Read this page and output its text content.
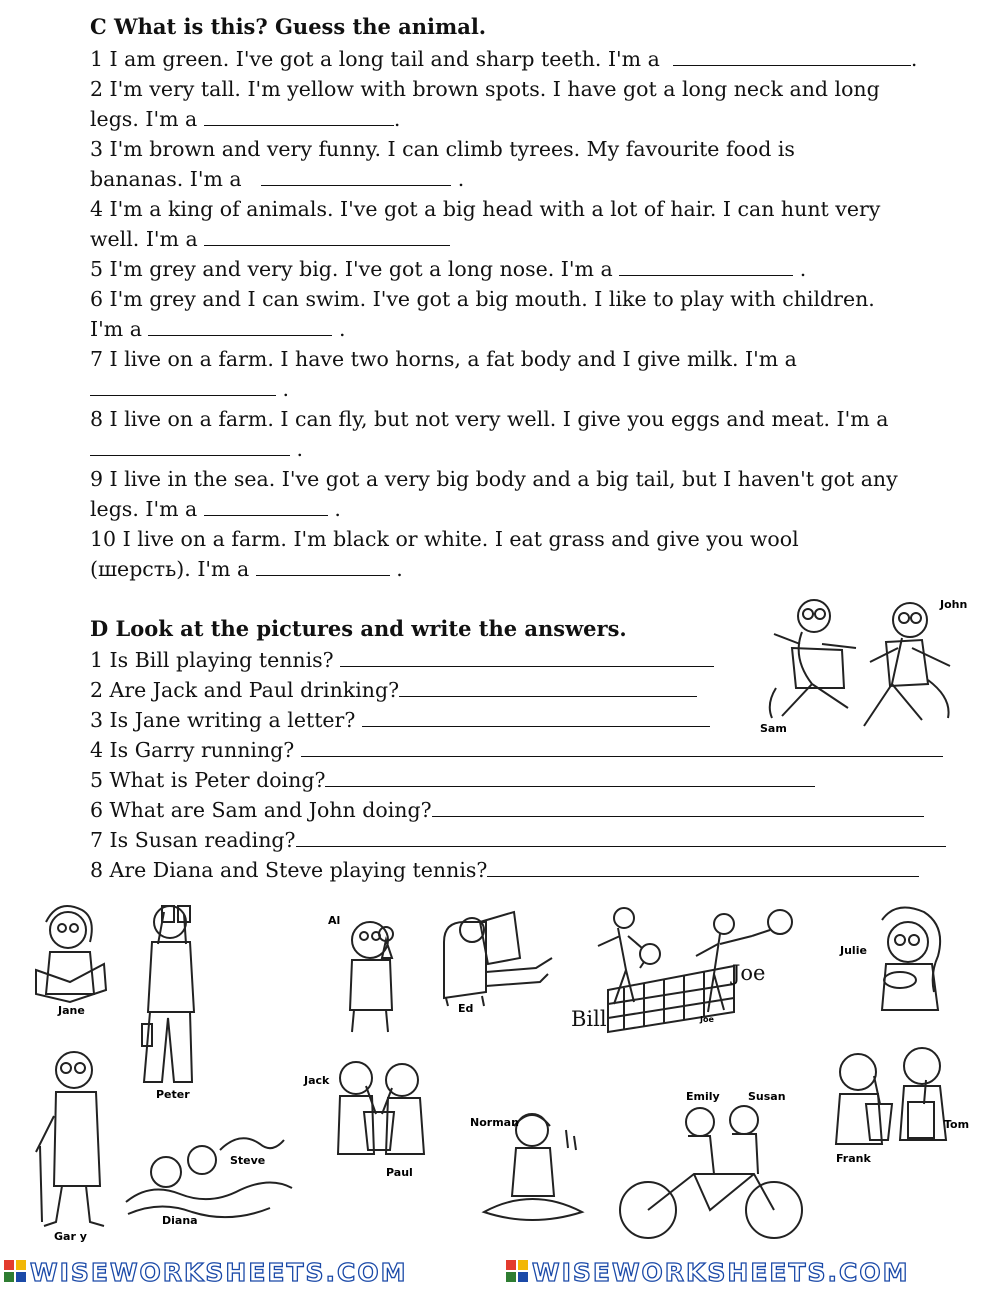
C What is this? Guess the animal.
1 I am green. I've got a long tail and sharp teeth. I'm a	.
2 I'm very tall. I'm yellow with brown spots. I have got a long neck and long
legs. I'm a	.
3 I'm brown and very funny. I can climb tyrees. My favourite food is
bananas. I'm a	.
4 I'm a king of animals. I've got a big head with a lot of hair. I can hunt very
well. I'm a
5 I'm grey and very big. I've got a long nose. I'm a	.
6 I'm grey and I can swim. I've got a big mouth. I like to play with children.
I'm a	.
7 I live on a farm. I have two horns, a fat body and I give milk. I'm a
.
8 I live on a farm. I can fly, but not very well. I give you eggs and meat. I'm a
.
9 I live in the sea. I've got a very big body and a big tail, but I haven't got any
legs. I'm a	.
10 I live on a farm. I'm black or white. I eat grass and give you wool
(шерсть). I'm a	.
D Look at the pictures and write the answers.
1 Is Bill playing tennis?
2 Are Jack and Paul drinking?
3 Is Jane writing a letter?
4 Is Garry running?
5 What is Peter doing?
6 What are Sam and John doing?
7 Is Susan reading?
8 Are Diana and Steve playing tennis?
John
Sam
Jane
Peter
Al
Ed
Joe
Joe
Bill
Julie
Gar y
Steve
Diana
Jack
Paul
Norman
Emily	Susan
Frank
Tom
WISEWORKSHEETS.COM	WISEWORKSHEETS.COM
